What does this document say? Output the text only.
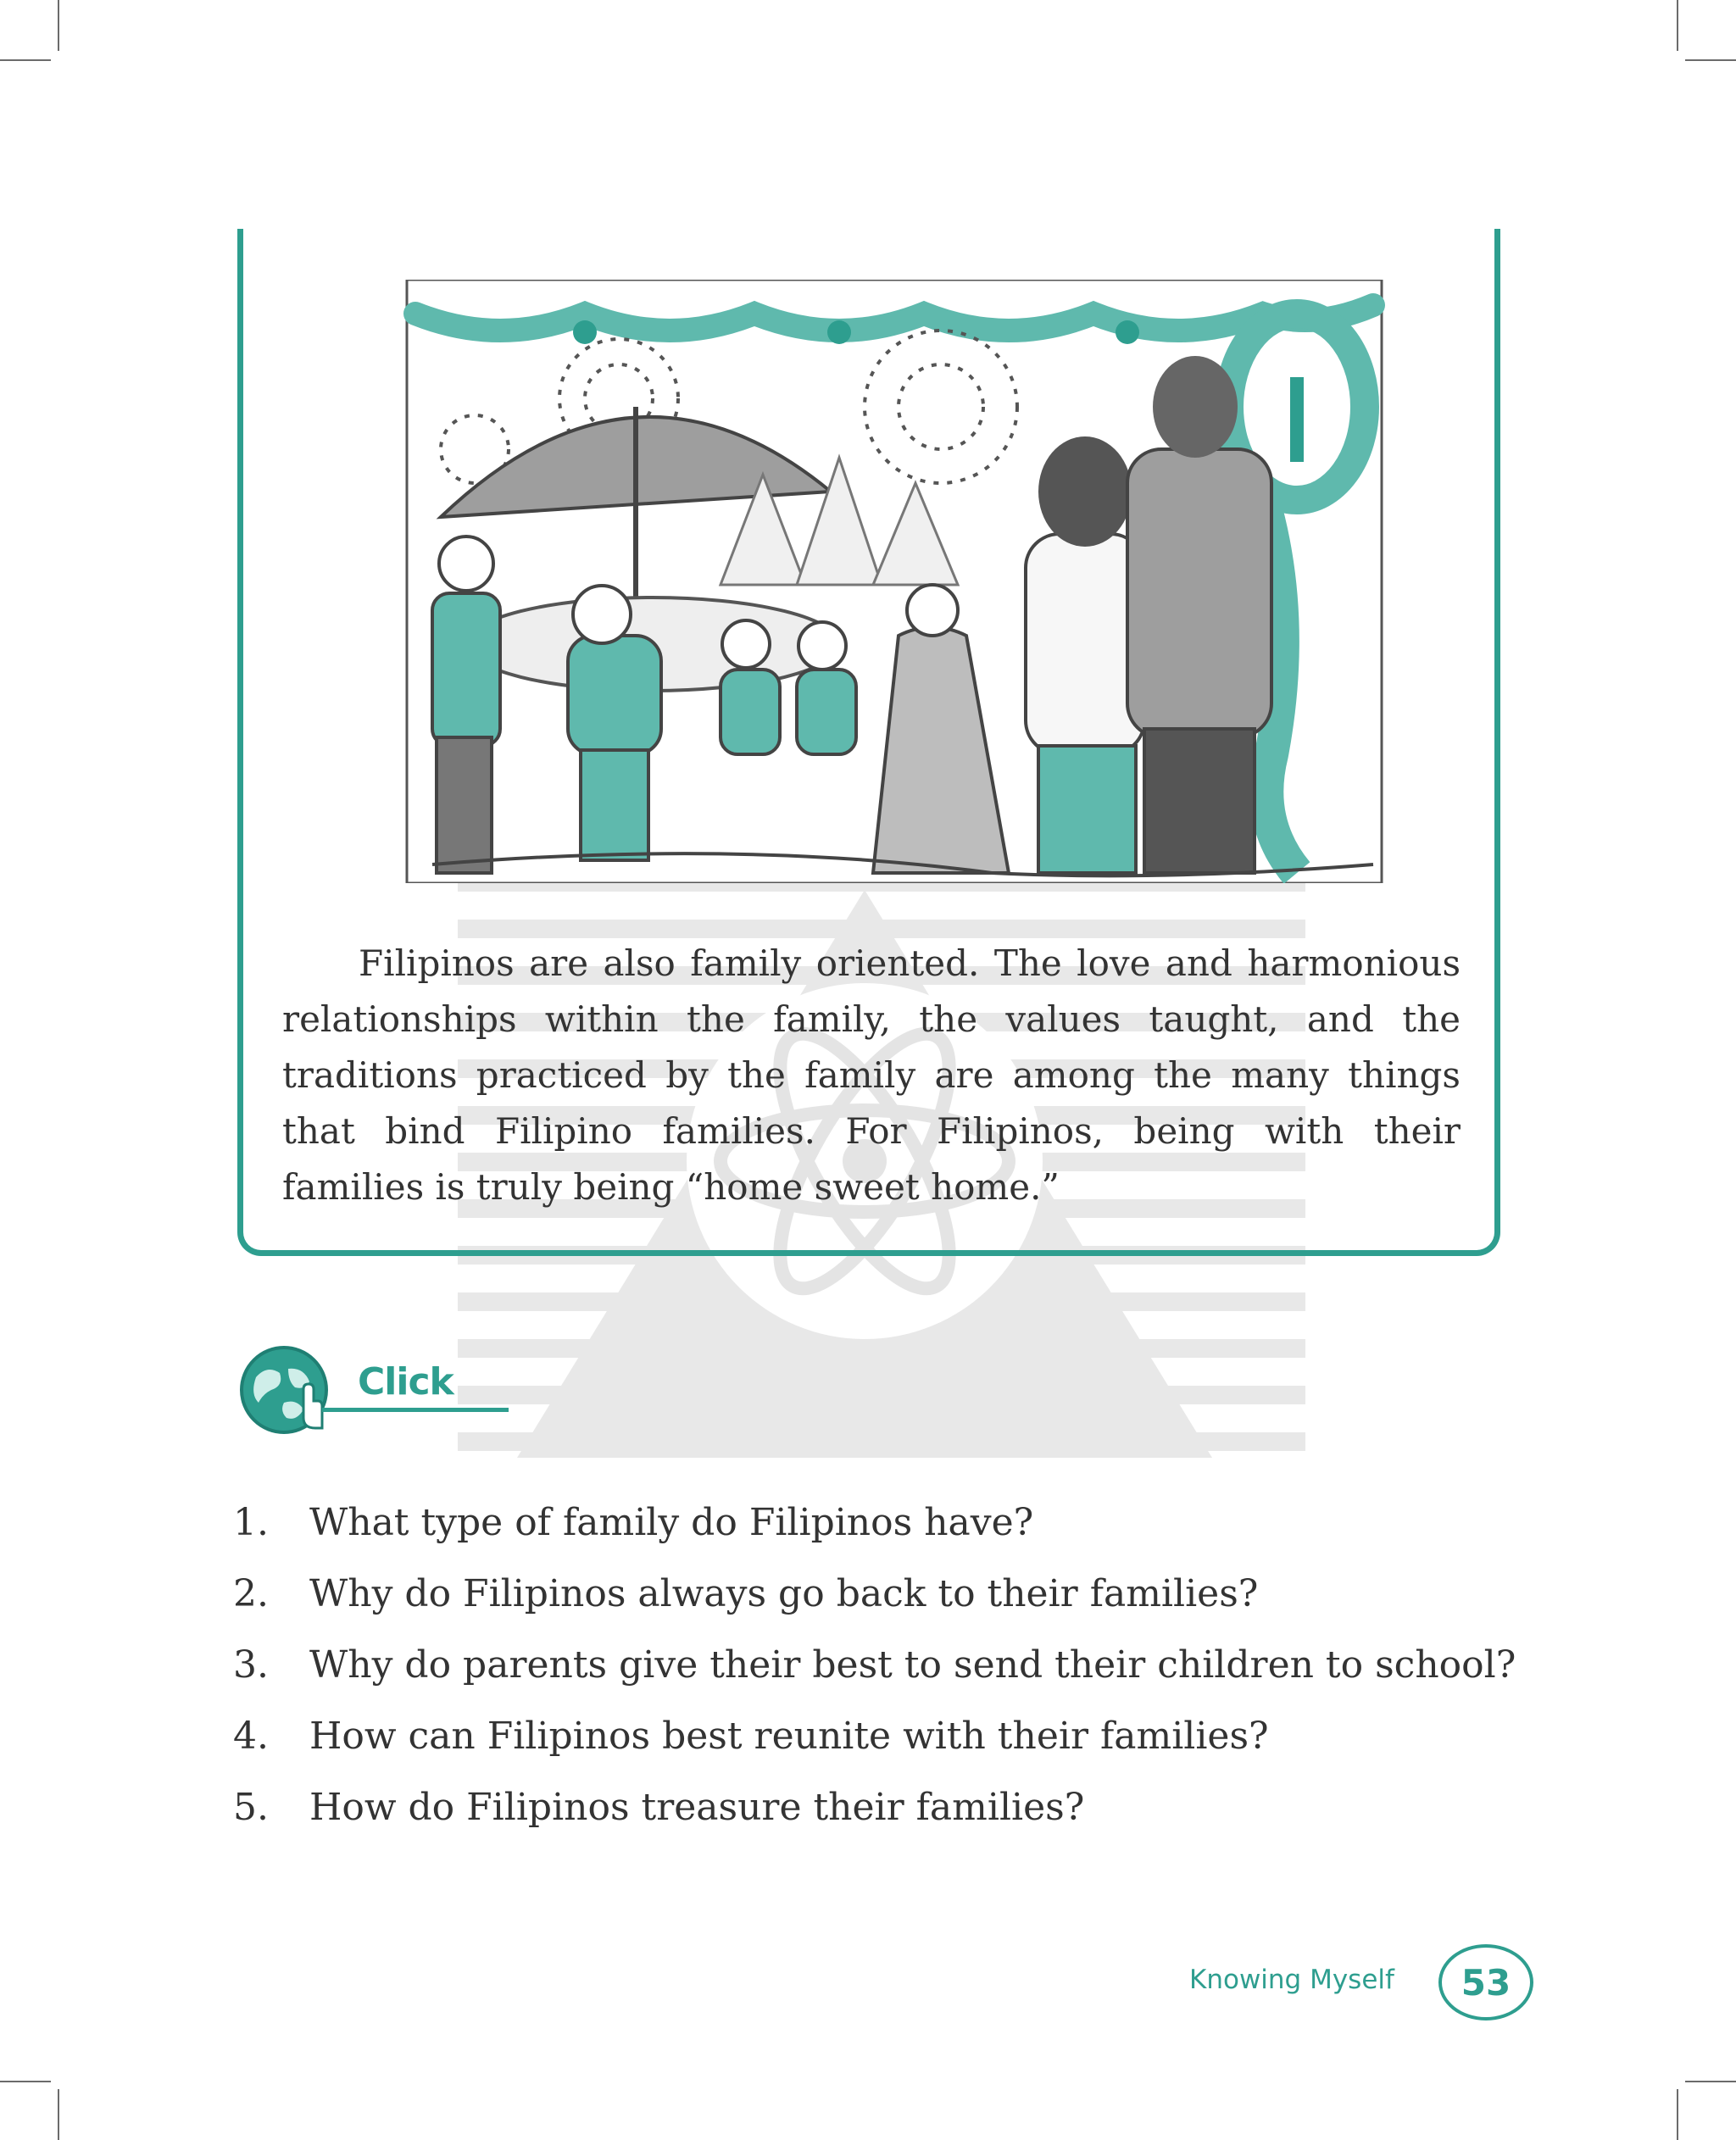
Filipinos are also family oriented. The love and harmonious relationships within the family, the values taught, and the traditions practiced by the family are among the many things that bind Filipino families. For Filipinos, being with their families is truly being “home sweet home.”

Click
1. What type of family do Filipinos have?
2. Why do Filipinos always go back to their families?
3. Why do parents give their best to send their children to school?
4. How can Filipinos best reunite with their families?
5. How do Filipinos treasure their families?
Knowing Myself 53
